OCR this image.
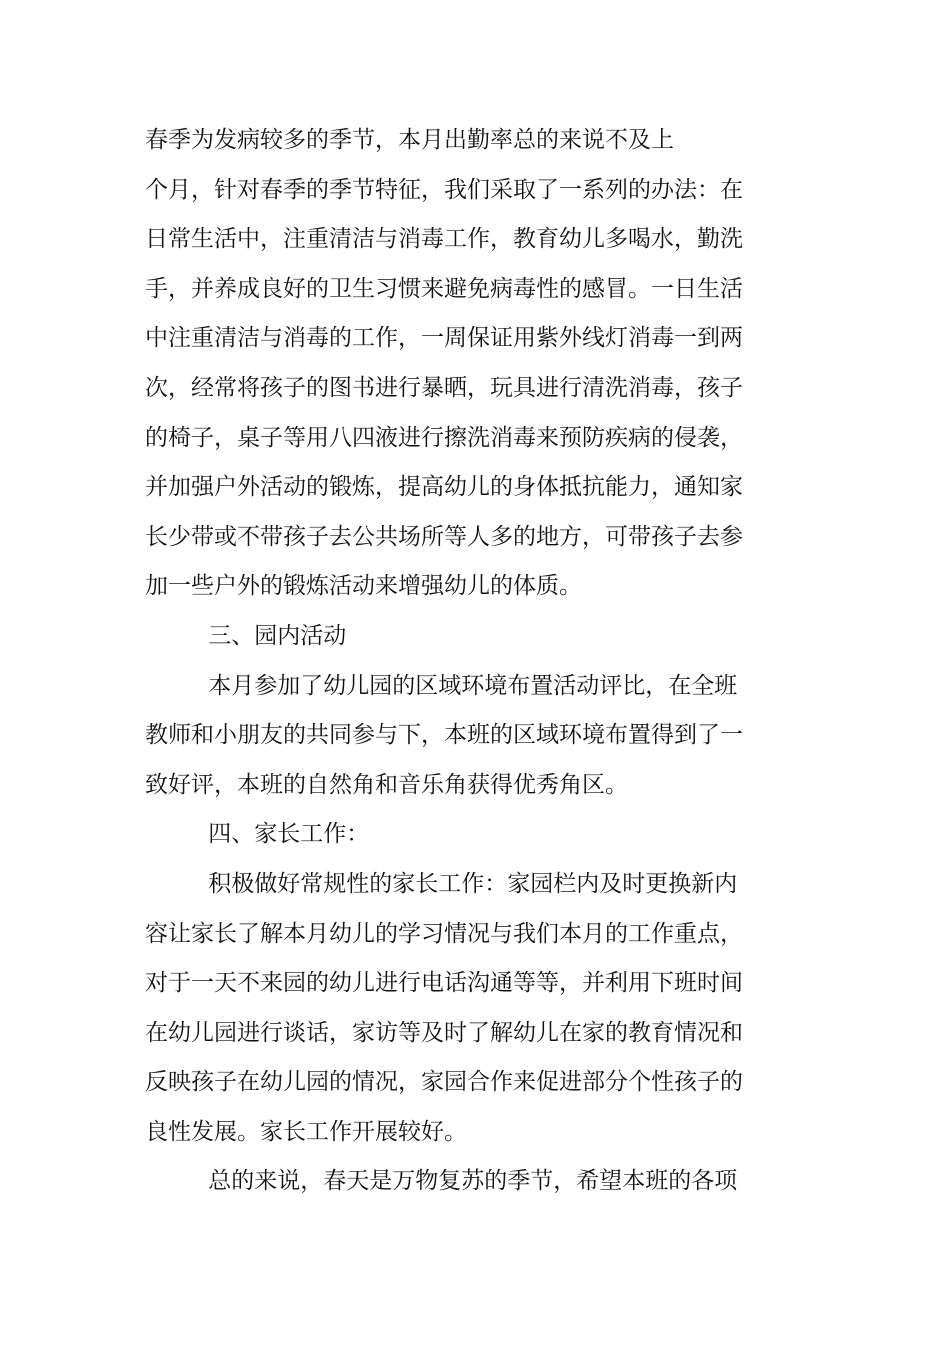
春季为发病较多的季节，本月出勤率总的来说不及上
个月，针对春季的季节特征，我们采取了一系列的办法：在
日常生活中，注重清洁与消毒工作，教育幼儿多喝水，勤洗
手，并养成良好的卫生习惯来避免病毒性的感冒。一日生活
中注重清洁与消毒的工作，一周保证用紫外线灯消毒一到两
次，经常将孩子的图书进行暴晒，玩具进行清洗消毒，孩子
的椅子，桌子等用八四液进行擦洗消毒来预防疾病的侵袭，
并加强户外活动的锻炼，提高幼儿的身体抵抗能力，通知家
长少带或不带孩子去公共场所等人多的地方，可带孩子去参
加一些户外的锻炼活动来增强幼儿的体质。

三、园内活动

本月参加了幼儿园的区域环境布置活动评比，在全班
教师和小朋友的共同参与下，本班的区域环境布置得到了一
致好评，本班的自然角和音乐角获得优秀角区。

四、家长工作：

积极做好常规性的家长工作：家园栏内及时更换新内
容让家长了解本月幼儿的学习情况与我们本月的工作重点，
对于一天不来园的幼儿进行电话沟通等等，并利用下班时间
在幼儿园进行谈话，家访等及时了解幼儿在家的教育情况和
反映孩子在幼儿园的情况，家园合作来促进部分个性孩子的
良性发展。家长工作开展较好。

总的来说，春天是万物复苏的季节，希望本班的各项
